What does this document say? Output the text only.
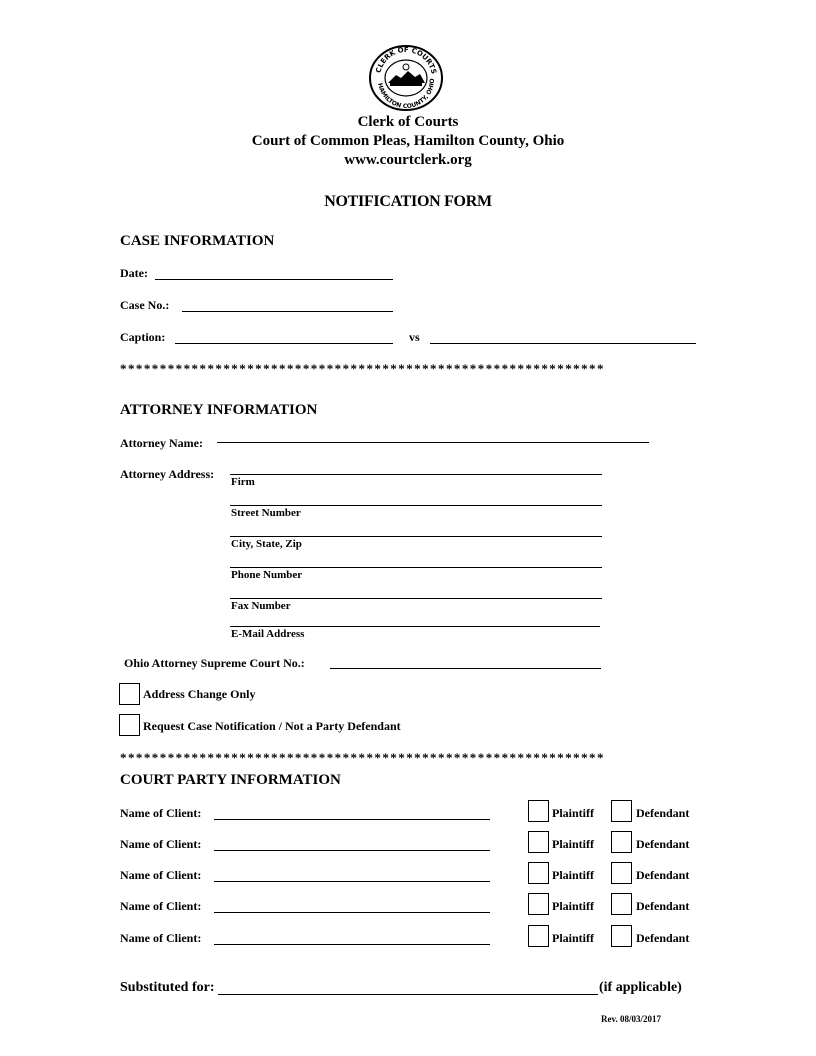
CLERK OF COURTS
HAMILTON COUNTY, OHIO
Clerk of Courts
Court of Common Pleas, Hamilton County, Ohio
www.courtclerk.org
NOTIFICATION FORM
CASE INFORMATION
Date:
Case No.:
Caption:	vs
*************************************************************
ATTORNEY INFORMATION
Attorney Name:
Attorney Address:
Firm
Street Number
City, State, Zip
Phone Number
Fax Number
E-Mail Address
Ohio Attorney Supreme Court No.:
Address Change Only
Request Case Notification / Not a Party Defendant
*************************************************************
COURT PARTY INFORMATION
Name of Client:	Plaintiff	Defendant
Name of Client:	Plaintiff	Defendant
Name of Client:	Plaintiff	Defendant
Name of Client:	Plaintiff	Defendant
Name of Client:	Plaintiff	Defendant
Substituted for:	(if applicable)
Rev. 08/03/2017
